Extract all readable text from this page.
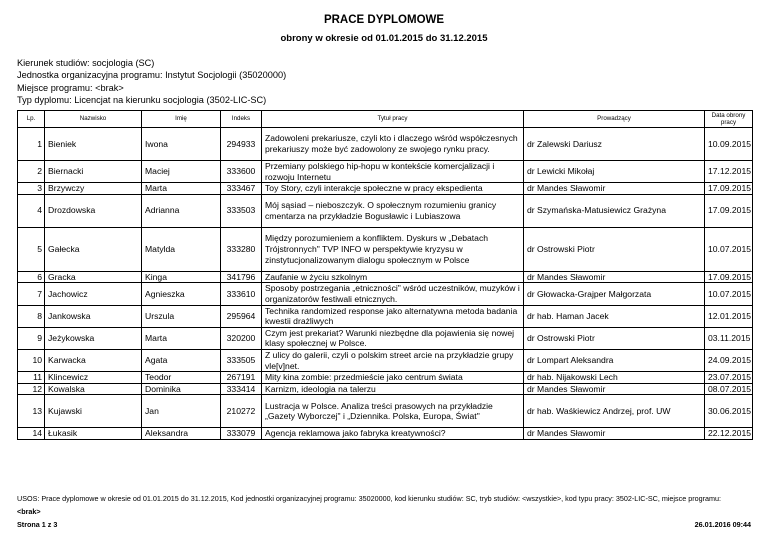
PRACE DYPLOMOWE
obrony w okresie od 01.01.2015 do 31.12.2015
Kierunek studiów: socjologia (SC)
Jednostka organizacyjna programu: Instytut Socjologii (35020000)
Miejsce programu: <brak>
Typ dyplomu: Licencjat na kierunku socjologia (3502-LIC-SC)
Lp.	Nazwisko	Imię	Indeks	Tytuł pracy	Prowadzący	Data obrony pracy
1	Bieniek	Iwona	294933	Zadowoleni prekariusze, czyli kto i dlaczego wśród współczesnych prekariuszy może być zadowolony ze swojego rynku pracy.	dr Zalewski Dariusz	10.09.2015
2	Biernacki	Maciej	333600	Przemiany polskiego hip-hopu w kontekście komercjalizacji i rozwoju Internetu	dr Lewicki Mikołaj	17.12.2015
3	Brzywczy	Marta	333467	Toy Story, czyli interakcje społeczne w pracy ekspedienta	dr Mandes Sławomir	17.09.2015
4	Drozdowska	Adrianna	333503	Mój sąsiad – nieboszczyk. O społecznym rozumieniu granicy cmentarza na przykładzie Bogusławic i Lubiaszowa	dr Szymańska-Matusiewicz Grażyna	17.09.2015
5	Gałecka	Matylda	333280	Między porozumieniem a konfliktem. Dyskurs w „Debatach Trójstronnych" TVP INFO w perspektywie kryzysu w zinstytucjonalizowanym dialogu społecznym w Polsce	dr Ostrowski Piotr	10.07.2015
6	Gracka	Kinga	341796	Zaufanie w życiu szkolnym	dr Mandes Sławomir	17.09.2015
7	Jachowicz	Agnieszka	333610	Sposoby postrzegania „etniczności" wśród uczestników, muzyków i organizatorów festiwali etnicznych.	dr Głowacka-Grajper Małgorzata	10.07.2015
8	Jankowska	Urszula	295964	Technika randomized response jako alternatywna metoda badania kwestii drażliwych	dr hab. Haman Jacek	12.01.2015
9	Jeżykowska	Marta	320200	Czym jest prekariat? Warunki niezbędne dla pojawienia się nowej klasy społecznej w Polsce.	dr Ostrowski Piotr	03.11.2015
10	Karwacka	Agata	333505	Z ulicy do galerii, czyli o polskim street arcie na przykładzie grupy vle[v]net.	dr Lompart Aleksandra	24.09.2015
11	Klincewicz	Teodor	267191	Mity kina zombie: przedmieście jako centrum świata	dr hab. Nijakowski Lech	23.07.2015
12	Kowalska	Dominika	333414	Karnizm, ideologia na talerzu	dr Mandes Sławomir	08.07.2015
13	Kujawski	Jan	210272	Lustracja w Polsce. Analiza treści prasowych na przykładzie „Gazety Wyborczej" i „Dziennika. Polska, Europa, Świat"	dr hab. Waśkiewicz Andrzej, prof. UW	30.06.2015
14	Łukasik	Aleksandra	333079	Agencja reklamowa jako fabryka kreatywności?	dr Mandes Sławomir	22.12.2015
USOS: Prace dyplomowe w okresie od 01.01.2015 do 31.12.2015, Kod jednostki organizacyjnej programu: 35020000, kod kierunku studiów: SC, tryb studiów: <wszystkie>, kod typu pracy: 3502-LIC-SC, miejsce programu:
<brak>
Strona 1 z 3	26.01.2016 09:44
